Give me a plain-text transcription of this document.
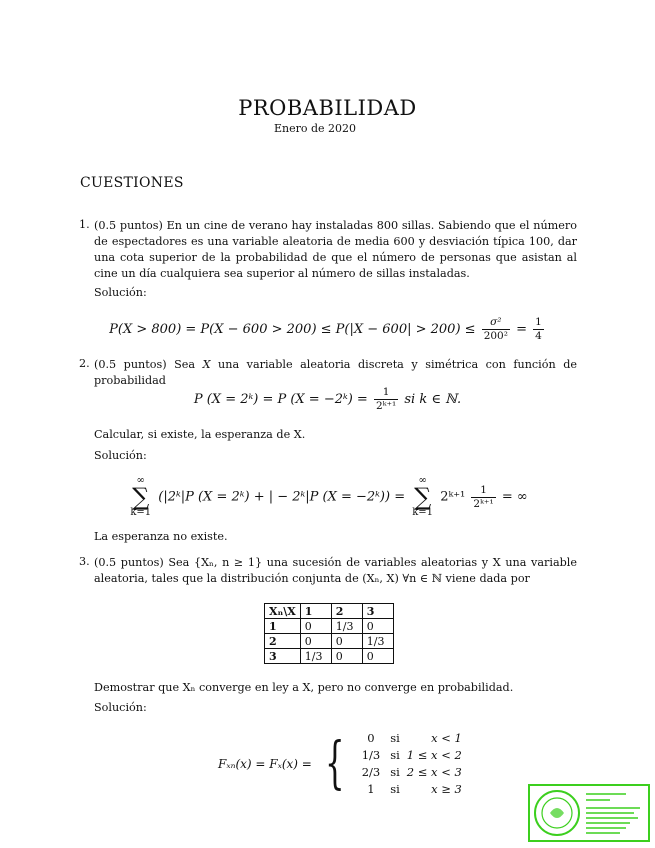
PROBABILIDAD
Enero de 2020
CUESTIONES
1. (0.5 puntos) En un cine de verano hay instaladas 800 sillas. Sabiendo que el número de espectadores es una variable aleatoria de media 600 y desviación típica 100, dar una cota superior de la probabilidad de que el número de personas que asistan al cine un día cualquiera sea superior al número de sillas instaladas.
Solución:
$P(X > 800) = P(X - 600 > 200) \le P(|X - 600| > 200) \le \frac{\text{σ²}}{\text{200²}} = \frac{1}{4}$
2. (0.5 puntos) Sea X una variable aleatoria discreta y simétrica con función de probabilidad
P (X = 2ᵏ) = P (X = −2ᵏ) = $\frac{1}{\text{2ᵏ⁺¹}}$ si k ∈ ℕ.
Calcular, si existe, la esperanza de X.
Solución:
∞
∑
k=1 (|2ᵏ|P (X = 2ᵏ) + | − 2ᵏ|P (X = −2ᵏ)) = ∞
∑
k=1 2ᵏ⁺¹ $\frac{1}{\text{2ᵏ⁺¹}}$ = ∞
La esperanza no existe.
3. (0.5 puntos) Sea {Xₙ, n ≥ 1} una sucesión de variables aleatorias y X una variable aleatoria, tales que la distribución conjunta de (Xₙ, X) ∀n ∈ ℕ viene dada por
Xₙ\X	1	2	3
1	0	1/3	0
2	0	0	1/3
3	1/3	0	0
Demostrar que Xₙ converge en ley a X, pero no converge en probabilidad.
Solución:
Fₓₙ(x) = Fₓ(x) = { 0	si	x < 1
1/3	si	1 ≤ x < 2
2/3	si	2 ≤ x < 3
1	si	x ≥ 3
